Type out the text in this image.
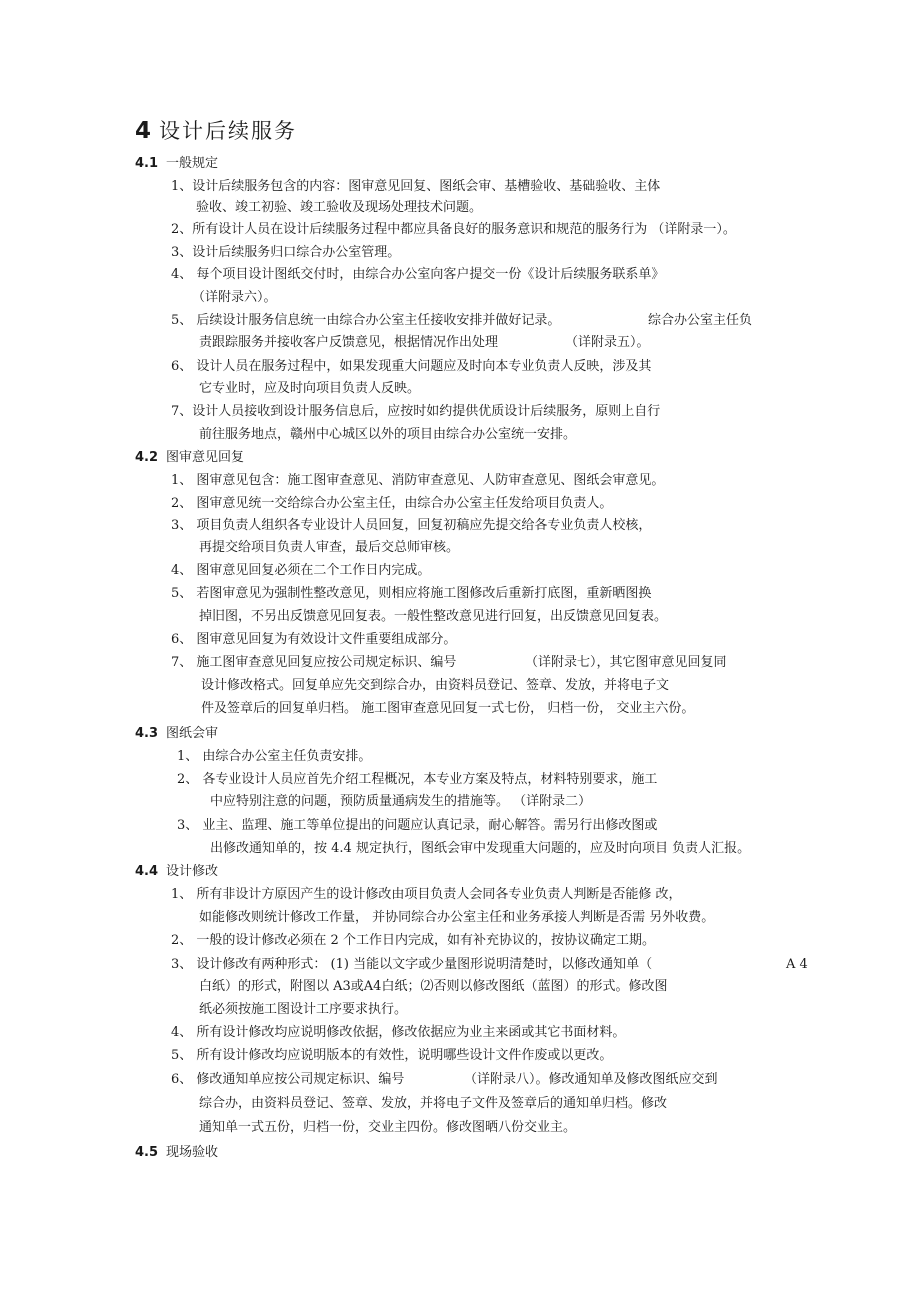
4 设计后续服务
4.1 一般规定
1、设计后续服务包含的内容：图审意见回复、图纸会审、基槽验收、基础验收、主体
验收、竣工初验、竣工验收及现场处理技术问题。
2、所有设计人员在设计后续服务过程中都应具备良好的服务意识和规范的服务行为 （详附录一）。
3、设计后续服务归口综合办公室管理。
4、 每个项目设计图纸交付时，由综合办公室向客户提交一份《设计后续服务联系单》
（详附录六）。
5、 后续设计服务信息统一由综合办公室主任接收安排并做好记录。	综合办公室主任负
责跟踪服务并接收客户反馈意见，根据情况作出处理	（详附录五）。
6、 设计人员在服务过程中，如果发现重大问题应及时向本专业负责人反映，涉及其
它专业时，应及时向项目负责人反映。
7、设计人员接收到设计服务信息后，应按时如约提供优质设计后续服务，原则上自行
前往服务地点，赣州中心城区以外的项目由综合办公室统一安排。
4.2 图审意见回复
1、 图审意见包含：施工图审查意见、消防审查意见、人防审查意见、图纸会审意见。
2、 图审意见统一交给综合办公室主任，由综合办公室主任发给项目负责人。
3、 项目负责人组织各专业设计人员回复，回复初稿应先提交给各专业负责人校核，
再提交给项目负责人审查，最后交总师审核。
4、 图审意见回复必须在二个工作日内完成。
5、 若图审意见为强制性整改意见，则相应将施工图修改后重新打底图，重新晒图换
掉旧图，不另出反馈意见回复表。一般性整改意见进行回复，出反馈意见回复表。
6、 图审意见回复为有效设计文件重要组成部分。
7、 施工图审查意见回复应按公司规定标识、编号	（详附录七），其它图审意见回复同
设计修改格式。回复单应先交到综合办，由资料员登记、签章、发放，并将电子文
件及签章后的回复单归档。 施工图审查意见回复一式七份， 归档一份， 交业主六份。
4.3 图纸会审
1、 由综合办公室主任负责安排。
2、 各专业设计人员应首先介绍工程概况，本专业方案及特点，材料特别要求，施工
中应特别注意的问题，预防质量通病发生的措施等。 （详附录二）
3、 业主、监理、施工等单位提出的问题应认真记录，耐心解答。需另行出修改图或
出修改通知单的，按 4.4 规定执行，图纸会审中发现重大问题的，应及时向项目 负责人汇报。
4.4 设计修改
1、 所有非设计方原因产生的设计修改由项目负责人会同各专业负责人判断是否能修 改，
如能修改则统计修改工作量， 并协同综合办公室主任和业务承接人判断是否需 另外收费。
2、 一般的设计修改必须在 2 个工作日内完成，如有补充协议的，按协议确定工期。
3、 设计修改有两种形式： (1) 当能以文字或少量图形说明清楚时，以修改通知单（	A 4
白纸）的形式，附图以 A3或A4白纸；⑵否则以修改图纸（蓝图）的形式。修改图
纸必须按施工图设计工序要求执行。
4、 所有设计修改均应说明修改依据，修改依据应为业主来函或其它书面材料。
5、 所有设计修改均应说明版本的有效性，说明哪些设计文件作废或以更改。
6、 修改通知单应按公司规定标识、编号	（详附录八）。修改通知单及修改图纸应交到
综合办，由资料员登记、签章、发放，并将电子文件及签章后的通知单归档。修改
通知单一式五份，归档一份，交业主四份。修改图晒八份交业主。
4.5 现场验收
